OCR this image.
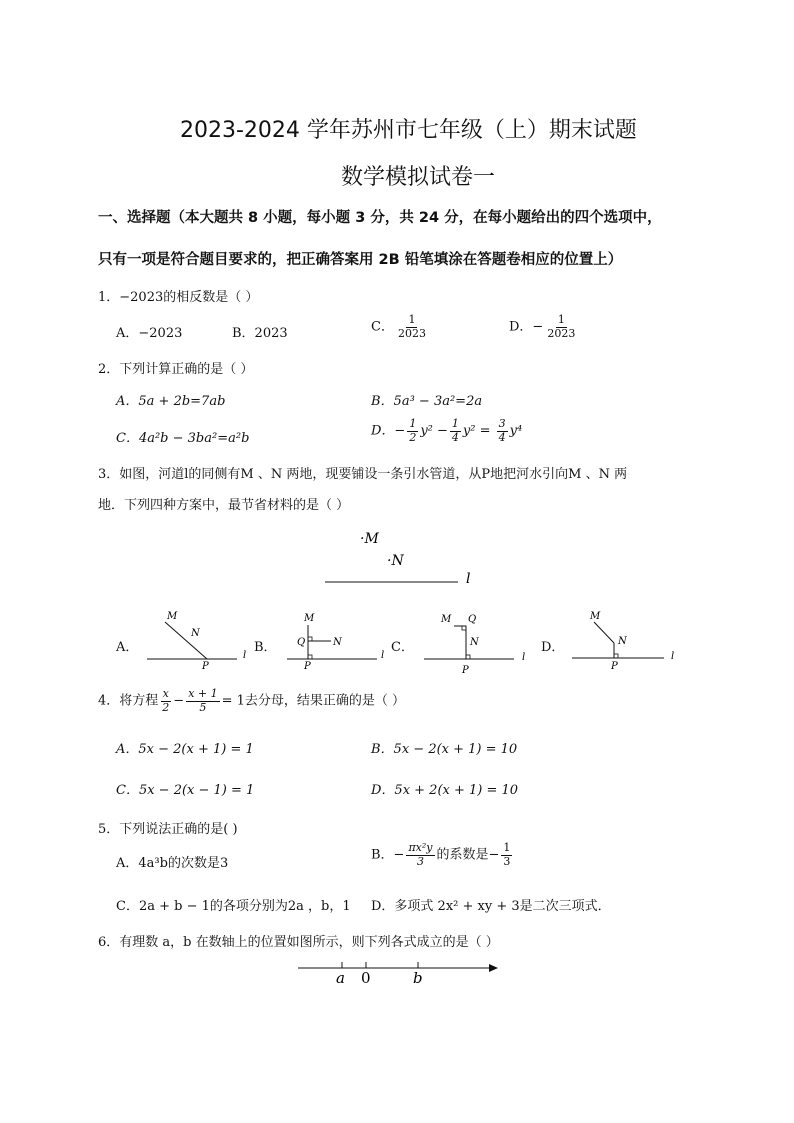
2023-2024 学年苏州市七年级（上）期末试题
数学模拟试卷一
一、选择题（本大题共 8 小题，每小题 3 分，共 24 分，在每小题给出的四个选项中，
只有一项是符合题目要求的，把正确答案用 2B 铅笔填涂在答题卷相应的位置上）
1．−2023的相反数是（ ）
A．−2023	B．2023	C． $\frac{1}{2023}$	D．− $\frac{1}{2023}$
2．下列计算正确的是（ ）
A．5a + 2b=7ab	B．5a³ − 3a²=2a
C．4a²b − 3ba²=a²b	D．− $\frac{1}{2} y^2 - \frac{1}{4} y^2 = \frac{3}{4} y^4$
3．如图，河道l的同侧有M 、N 两地，现要铺设一条引水管道，从P地把河水引向M 、N 两
地．下列四种方案中，最节省材料的是（ ）
·M
·N
l
A．
M
N
P
l
B．
M
Q	N
P
l
C．
M Q
N
P
l
D．
M
N
P
l
4．将方程 $\frac{x}{2} - \frac{x + 1}{5} = 1$去分母，结果正确的是（ ）
A．5x − 2(x + 1) = 1	B．5x − 2(x + 1) = 10
C．5x − 2(x − 1) = 1	D．5x + 2(x + 1) = 10
5．下列说法正确的是( )
A．4a³b的次数是3
B．− $\frac{\text{πx²y}}{3}$ 的系数是− $\frac{1}{3}$
C．2a + b − 1的各项分别为2a ，b，1 D．多项式 2x² + xy + 3是二次三项式．
6．有理数 a，b 在数轴上的位置如图所示，则下列各式成立的是（ ）
a 0	b
